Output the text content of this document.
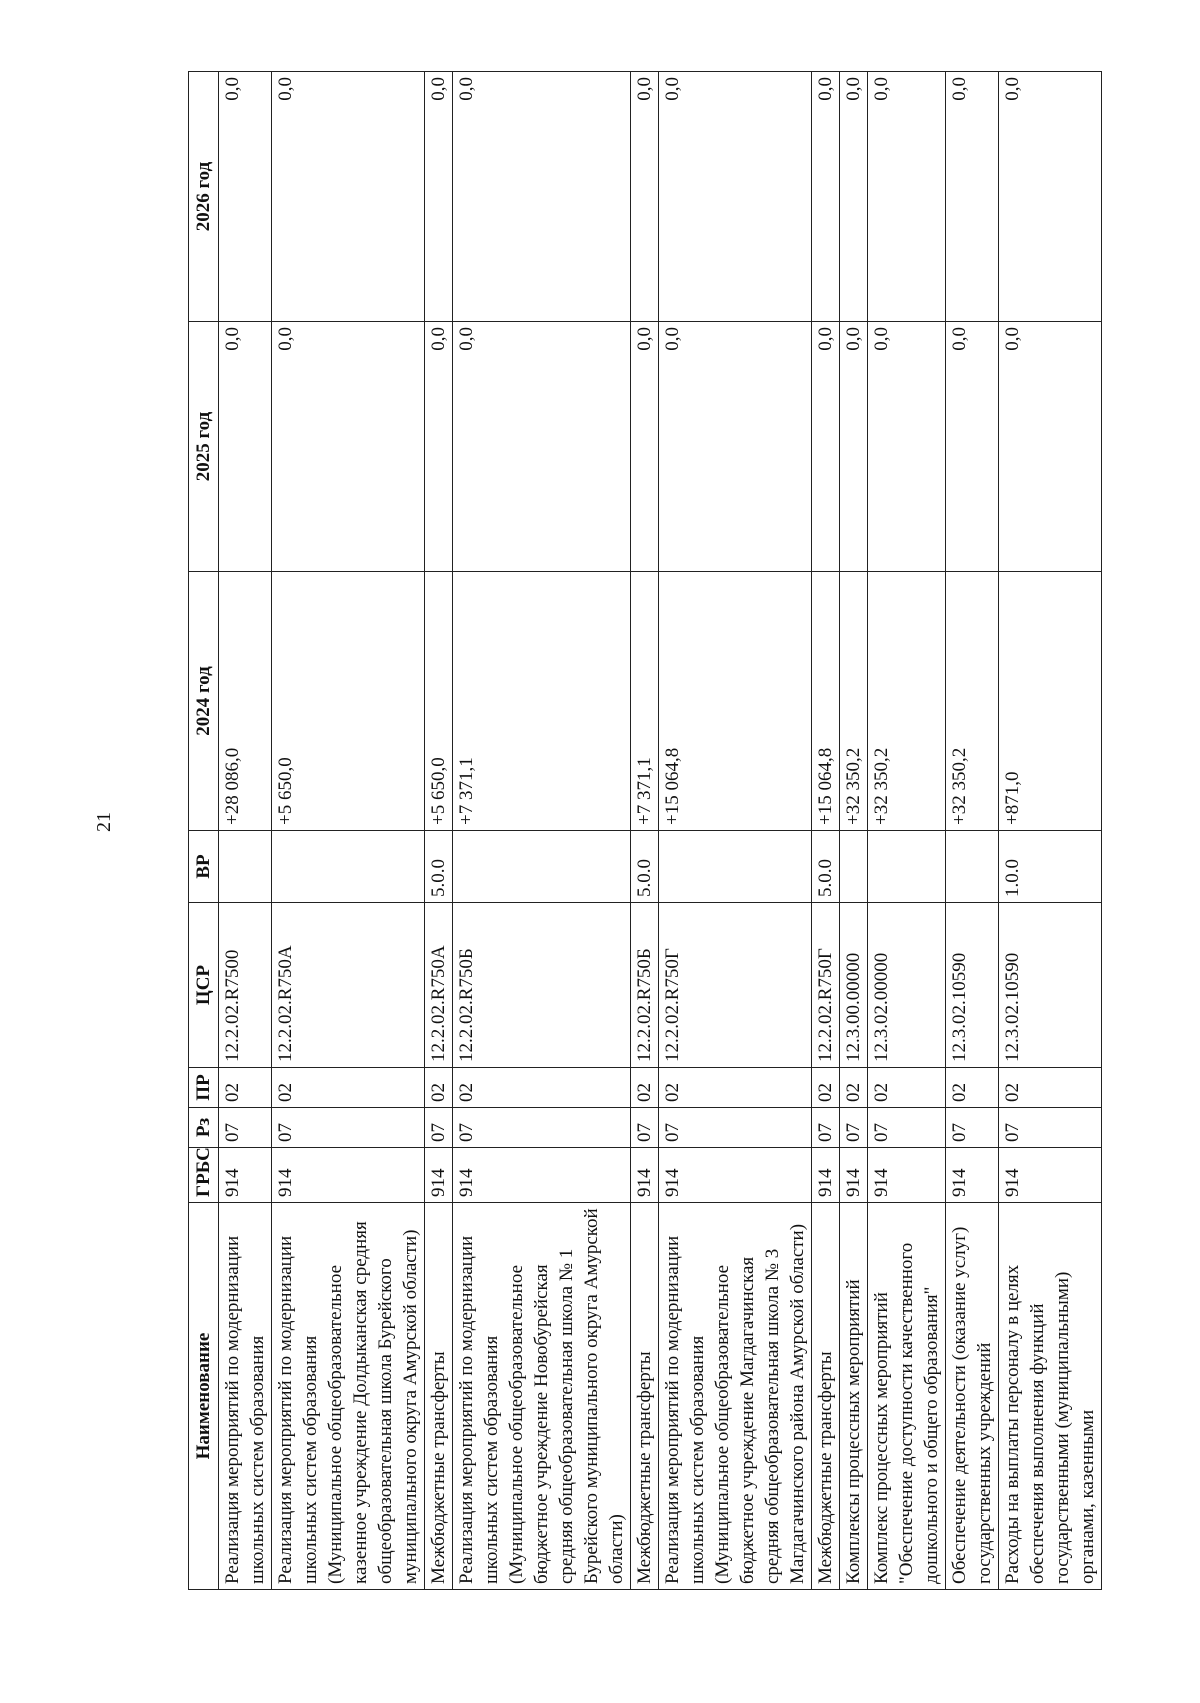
21
Наименование	ГРБС	Рз	ПР	ЦСР	ВР	2024 год	2025 год	2026 год
Реализация мероприятий по модернизации школьных систем образования	914	07	02	12.2.02.R7500		+28 086,0	0,0	0,0
Реализация мероприятий по модернизации школьных систем образования (Муниципальное общеобразовательное казенное учреждение Долдыканская средняя общеобразовательная школа Бурейского муниципального округа Амурской области)	914	07	02	12.2.02.R750А		+5 650,0	0,0	0,0
Межбюджетные трансферты	914	07	02	12.2.02.R750А	5.0.0	+5 650,0	0,0	0,0
Реализация мероприятий по модернизации школьных систем образования (Муниципальное общеобразовательное бюджетное учреждение Новобурейская средняя общеобразовательная школа № 1 Бурейского муниципального округа Амурской области)	914	07	02	12.2.02.R750Б		+7 371,1	0,0	0,0
Межбюджетные трансферты	914	07	02	12.2.02.R750Б	5.0.0	+7 371,1	0,0	0,0
Реализация мероприятий по модернизации школьных систем образования (Муниципальное общеобразовательное бюджетное учреждение Магдагачинская средняя общеобразовательная школа № 3 Магдагачинского района Амурской области)	914	07	02	12.2.02.R750Г		+15 064,8	0,0	0,0
Межбюджетные трансферты	914	07	02	12.2.02.R750Г	5.0.0	+15 064,8	0,0	0,0
Комплексы процессных мероприятий	914	07	02	12.3.00.00000		+32 350,2	0,0	0,0
Комплекс процессных мероприятий "Обеспечение доступности качественного дошкольного и общего образования"	914	07	02	12.3.02.00000		+32 350,2	0,0	0,0
Обеспечение деятельности (оказание услуг) государственных учреждений	914	07	02	12.3.02.10590		+32 350,2	0,0	0,0
Расходы на выплаты персоналу в целях обеспечения выполнения функций государственными (муниципальными) органами, казенными	914	07	02	12.3.02.10590	1.0.0	+871,0	0,0	0,0
